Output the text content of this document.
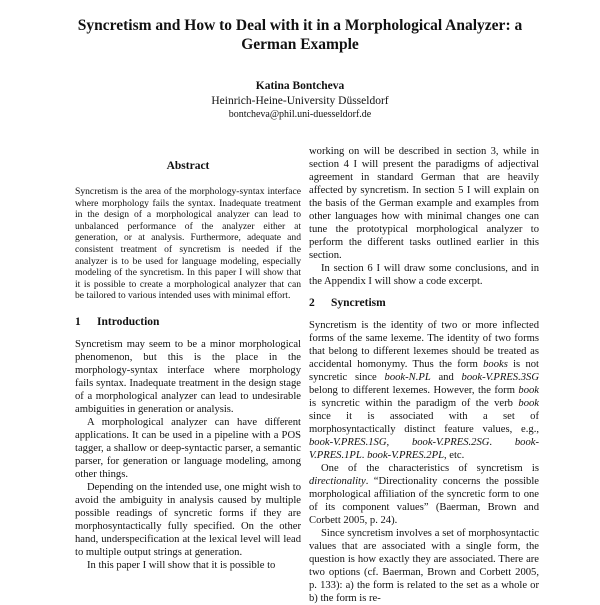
Syncretism and How to Deal with it in a Morphological Analyzer: a
German Example
Katina Bontcheva
Heinrich-Heine-University Düsseldorf
bontcheva@phil.uni-duesseldorf.de
Abstract

Syncretism is the area of the morphology-syntax interface where morphology fails the syntax. Inadequate treatment in the design of a morphological analyzer can lead to unbalanced performance of the analyzer either at generation, or at analysis. Furthermore, adequate and consistent treatment of syncretism is needed if the analyzer is to be used for language modeling, especially modeling of the syncretism. In this paper I will show that it is possible to create a morphological analyzer that can be tailored to various intended uses with minimal effort.

1 Introduction

Syncretism may seem to be a minor morphological phenomenon, but this is the place in the morphology-syntax interface where morphology fails syntax. Inadequate treatment in the design stage of a morphological analyzer can lead to undesirable ambiguities in generation or analysis.

A morphological analyzer can have different applications. It can be used in a pipeline with a POS tagger, a shallow or deep-syntactic parser, a semantic parser, for generation or language modeling, among other things.

Depending on the intended use, one might wish to avoid the ambiguity in analysis caused by multiple possible readings of syncretic forms if they are morphosyntactically fully specified. On the other hand, underspecification at the lexical level will lead to multiple output strings at generation.

In this paper I will show that it is possible to

working on will be described in section 3, while in section 4 I will present the paradigms of adjectival agreement in standard German that are heavily affected by syncretism. In section 5 I will explain on the basis of the German example and examples from other languages how with minimal changes one can tune the prototypical morphological analyzer to perform the different tasks outlined earlier in this section.

In section 6 I will draw some conclusions, and in the Appendix I will show a code excerpt.

2 Syncretism

Syncretism is the identity of two or more inflected forms of the same lexeme. The identity of two forms that belong to different lexemes should be treated as accidental homonymy. Thus the form books is not syncretic since book-N.PL and book-V.PRES.3SG belong to different lexemes. However, the form book is syncretic within the paradigm of the verb book since it is associated with a set of morphosyntactically distinct feature values, e.g., book-V.PRES.1SG, book-V.PRES.2SG. book-V.PRES.1PL. book-V.PRES.2PL, etc.

One of the characteristics of syncretism is directionality. “Directionality concerns the possible morphological affiliation of the syncretic form to one of its component values” (Baerman, Brown and Corbett 2005, p. 24).

Since syncretism involves a set of morphosyntactic values that are associated with a single form, the question is how exactly they are associated. There are two options (cf. Baerman, Brown and Corbett 2005, p. 133): a) the form is related to the set as a whole or b) the form is re-
